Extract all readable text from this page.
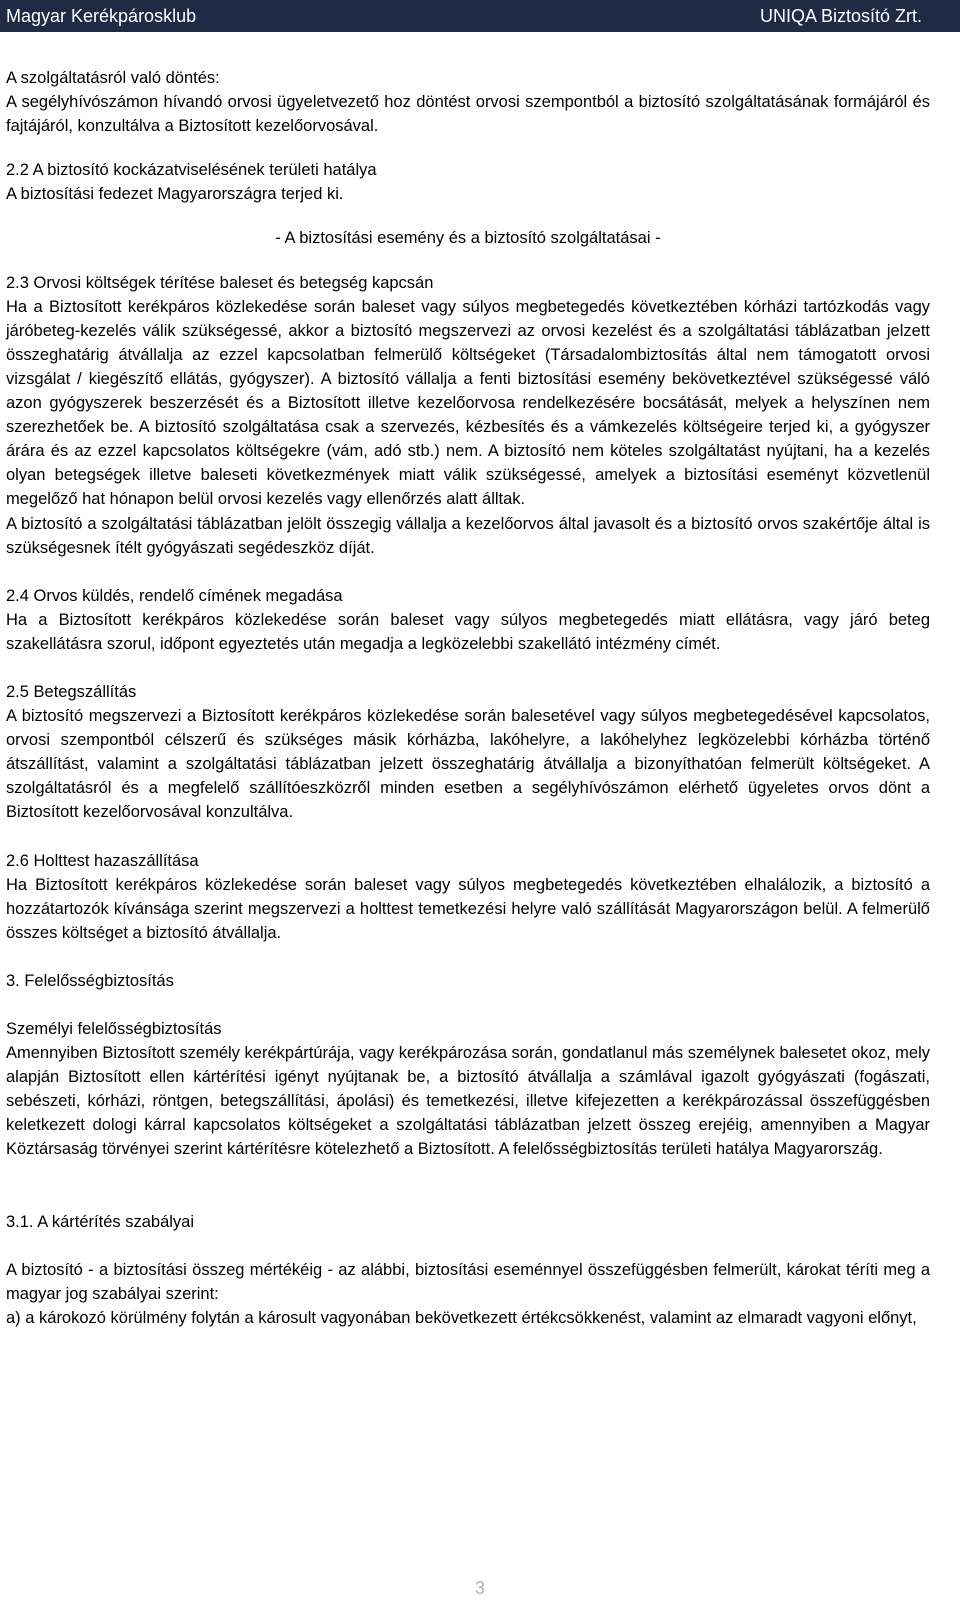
Magyar Kerékpárosklub	UNIQA Biztosító Zrt.

A szolgáltatásról való döntés:

A segélyhívószámon hívandó orvosi ügyeletvezető hoz döntést orvosi szempontból a biztosító szolgáltatásának formájáról és fajtájáról, konzultálva a Biztosított kezelőorvosával.

2.2 A biztosító kockázatviselésének területi hatálya

A biztosítási fedezet Magyarországra terjed ki.

- A biztosítási esemény és a biztosító szolgáltatásai -

2.3 Orvosi költségek térítése baleset és betegség kapcsán

Ha a Biztosított kerékpáros közlekedése során baleset vagy súlyos megbetegedés következtében kórházi tartózkodás vagy járóbeteg-kezelés válik szükségessé, akkor a biztosító megszervezi az orvosi kezelést és a szolgáltatási táblázatban jelzett összeghatárig átvállalja az ezzel kapcsolatban felmerülő költségeket (Társadalombiztosítás által nem támogatott orvosi vizsgálat / kiegészítő ellátás, gyógyszer). A biztosító vállalja a fenti biztosítási esemény bekövetkeztével szükségessé váló azon gyógyszerek beszerzését és a Biztosított illetve kezelőorvosa rendelkezésére bocsátását, melyek a helyszínen nem szerezhetőek be. A biztosító szolgáltatása csak a szervezés, kézbesítés és a vámkezelés költségeire terjed ki, a gyógyszer árára és az ezzel kapcsolatos költségekre (vám, adó stb.) nem. A biztosító nem köteles szolgáltatást nyújtani, ha a kezelés olyan betegségek illetve baleseti következmények miatt válik szükségessé, amelyek a biztosítási eseményt közvetlenül megelőző hat hónapon belül orvosi kezelés vagy ellenőrzés alatt álltak.

A biztosító a szolgáltatási táblázatban jelölt összegig vállalja a kezelőorvos által javasolt és a biztosító orvos szakértője által is szükségesnek ítélt gyógyászati segédeszköz díját.

2.4 Orvos küldés, rendelő címének megadása

Ha a Biztosított kerékpáros közlekedése során baleset vagy súlyos megbetegedés miatt ellátásra, vagy járó beteg szakellátásra szorul, időpont egyeztetés után megadja a legközelebbi szakellátó intézmény címét.

2.5 Betegszállítás

A biztosító megszervezi a Biztosított kerékpáros közlekedése során balesetével vagy súlyos megbetegedésével kapcsolatos, orvosi szempontból célszerű és szükséges másik kórházba, lakóhelyre, a lakóhelyhez legközelebbi kórházba történő átszállítást, valamint a szolgáltatási táblázatban jelzett összeghatárig átvállalja a bizonyíthatóan felmerült költségeket. A szolgáltatásról és a megfelelő szállítóeszközről minden esetben a segélyhívószámon elérhető ügyeletes orvos dönt a Biztosított kezelőorvosával konzultálva.

2.6 Holttest hazaszállítása

Ha Biztosított kerékpáros közlekedése során baleset vagy súlyos megbetegedés következtében elhalálozik, a biztosító a hozzátartozók kívánsága szerint megszervezi a holttest temetkezési helyre való szállítását Magyarországon belül. A felmerülő összes költséget a biztosító átvállalja.

3. Felelősségbiztosítás

Személyi felelősségbiztosítás

Amennyiben Biztosított személy kerékpártúrája, vagy kerékpározása során, gondatlanul más személynek balesetet okoz, mely alapján Biztosított ellen kártérítési igényt nyújtanak be, a biztosító átvállalja a számlával igazolt gyógyászati (fogászati, sebészeti, kórházi, röntgen, betegszállítási, ápolási) és temetkezési, illetve kifejezetten a kerékpározással összefüggésben keletkezett dologi kárral kapcsolatos költségeket a szolgáltatási táblázatban jelzett összeg erejéig, amennyiben a Magyar Köztársaság törvényei szerint kártérítésre kötelezhető a Biztosított. A felelősségbiztosítás területi hatálya Magyarország.

3.1. A kártérítés szabályai

A biztosító - a biztosítási összeg mértékéig - az alábbi, biztosítási eseménnyel összefüggésben felmerült, károkat téríti meg a magyar jog szabályai szerint:

a) a károkozó körülmény folytán a károsult vagyonában bekövetkezett értékcsökkenést, valamint az elmaradt vagyoni előnyt,

3
